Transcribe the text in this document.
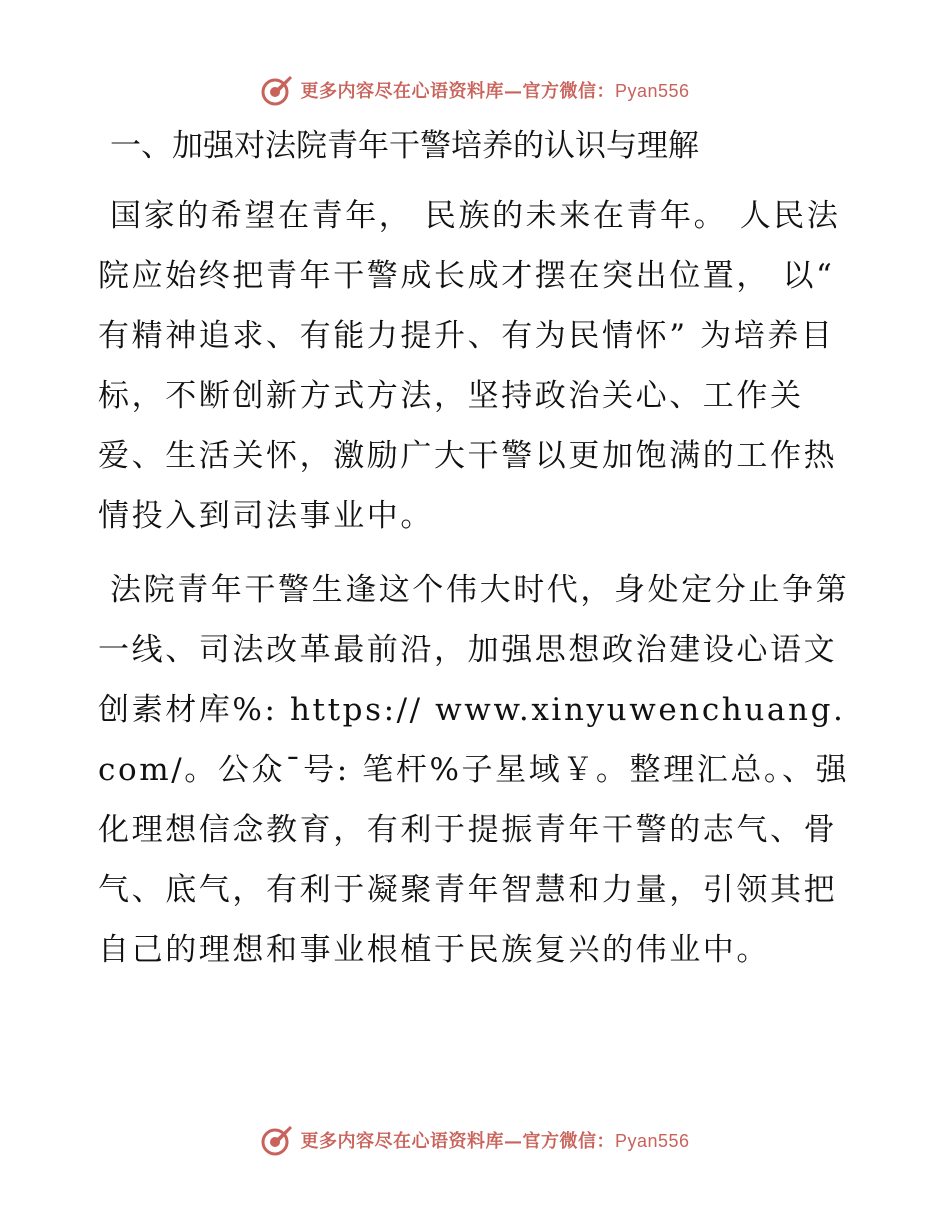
更多内容尽在心语资料库—官方微信：Pyan556
一、加强对法院青年干警培养的认识与理解

国家的希望在青年， 民族的未来在青年。 人民法院应始终把青年干警成长成才摆在突出位置， 以“ 有精神追求、有能力提升、有为民情怀” 为培养目标，不断创新方式方法，坚持政治关心、工作关爱、生活关怀，激励广大干警以更加饱满的工作热情投入到司法事业中。

法院青年干警生逢这个伟大时代，身处定分止争第一线、司法改革最前沿，加强思想政治建设心语文创素材库%: https:// www.xinyuwenchuang.com/。公众¯号: 笔杆%子星域￥。整理汇总。、强化理想信念教育，有利于提振青年干警的志气、骨气、底气，有利于凝聚青年智慧和力量，引领其把自己的理想和事业根植于民族复兴的伟业中。

更多内容尽在心语资料库—官方微信：Pyan556
